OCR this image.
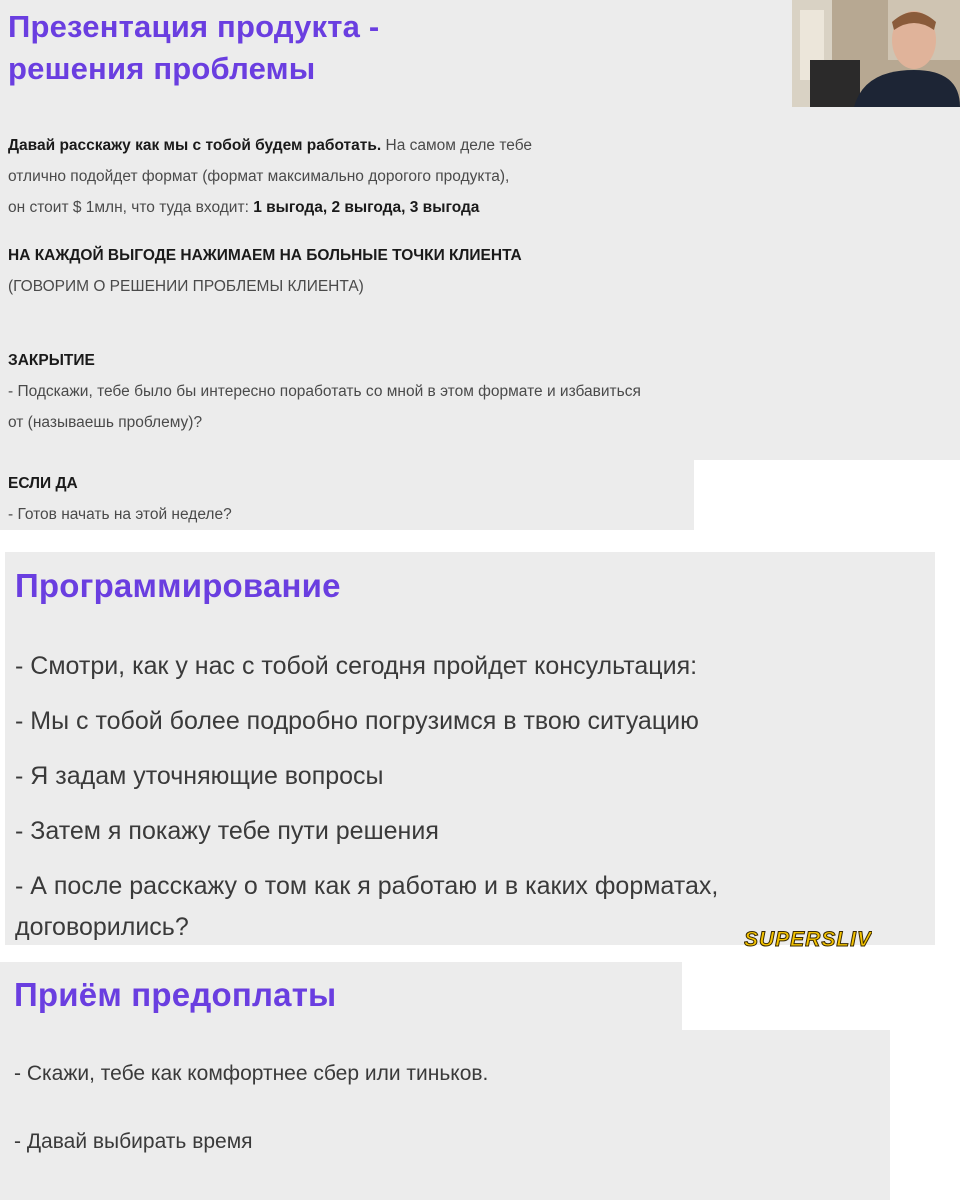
Презентация продукта -
решения проблемы
Давай расскажу как мы с тобой будем работать. На самом деле тебе
отлично подойдет формат (формат максимально дорогого продукта),
он стоит $ 1млн, что туда входит: 1 выгода, 2 выгода, 3 выгода
НА КАЖДОЙ ВЫГОДЕ НАЖИМАЕМ НА БОЛЬНЫЕ ТОЧКИ КЛИЕНТА
(ГОВОРИМ О РЕШЕНИИ ПРОБЛЕМЫ КЛИЕНТА)
ЗАКРЫТИЕ
- Подскажи, тебе было бы интересно поработать со мной в этом формате и избавиться
от (называешь проблему)?
ЕСЛИ ДА
- Готов начать на этой неделе?
Программирование
- Смотри, как у нас с тобой сегодня пройдет консультация:
- Мы с тобой более подробно погрузимся в твою ситуацию
- Я задам уточняющие вопросы
- Затем я покажу тебе пути решения
- А после расскажу о том как я работаю и в каких форматах,
договорились?	SUPERSLIV
Приём предоплаты
- Скажи, тебе как комфортнее сбер или тиньков.
- Давай выбирать время
